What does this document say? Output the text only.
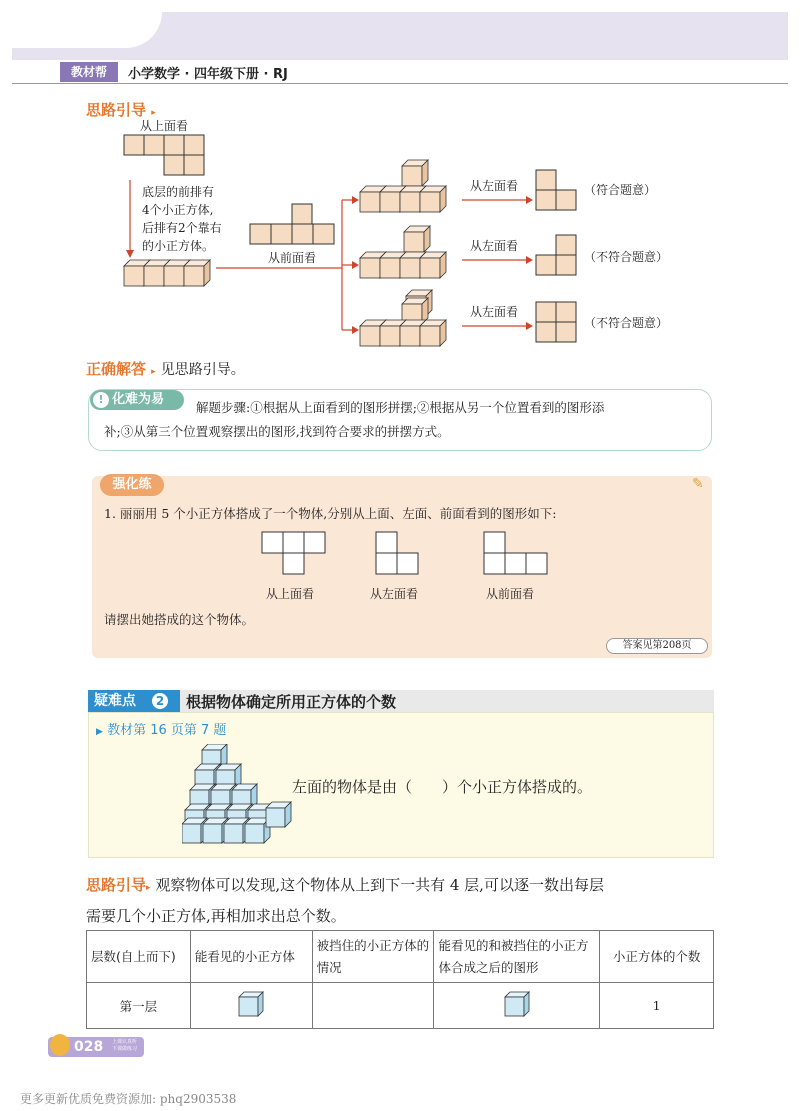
教材帮	小学数学 · 四年级下册 · RJ
思路引导 ▸
从上面看
底层的前排有
4个小正方体,
后排有2个靠右
的小正方体。
从前面看
从左面看	（符合题意）
从左面看
（不符合题意）
从左面看
（不符合题意）
正确解答 ▸ 见思路引导。
化难为易
!
解题步骤:①根据从上面看到的图形拼摆;②根据从另一个位置看到的图形添
补;③从第三个位置观察摆出的图形,找到符合要求的拼摆方式。
强化练	✎
1. 丽丽用 5 个小正方体搭成了一个物体,分别从上面、左面、前面看到的图形如下:
从上面看	从左面看	从前面看
请摆出她搭成的这个物体。
答案见第208页
疑难点	2 根据物体确定所用正方体的个数
▶ 教材第 16 页第 7 题
左面的物体是由（　　）个小正方体搭成的。
思路引导▸ 观察物体可以发现,这个物体从上到下一共有 4 层,可以逐一数出每层
需要几个小正方体,再相加求出总个数。
层数(自上而下)	能看见的小正方体	被挡住的小正方体的情况	能看见的和被挡住的小正方体合成之后的图形	小正方体的个数
第一层				1
028 上课认真听 下课做练习
更多更新优质免费资源加: phq2903538
